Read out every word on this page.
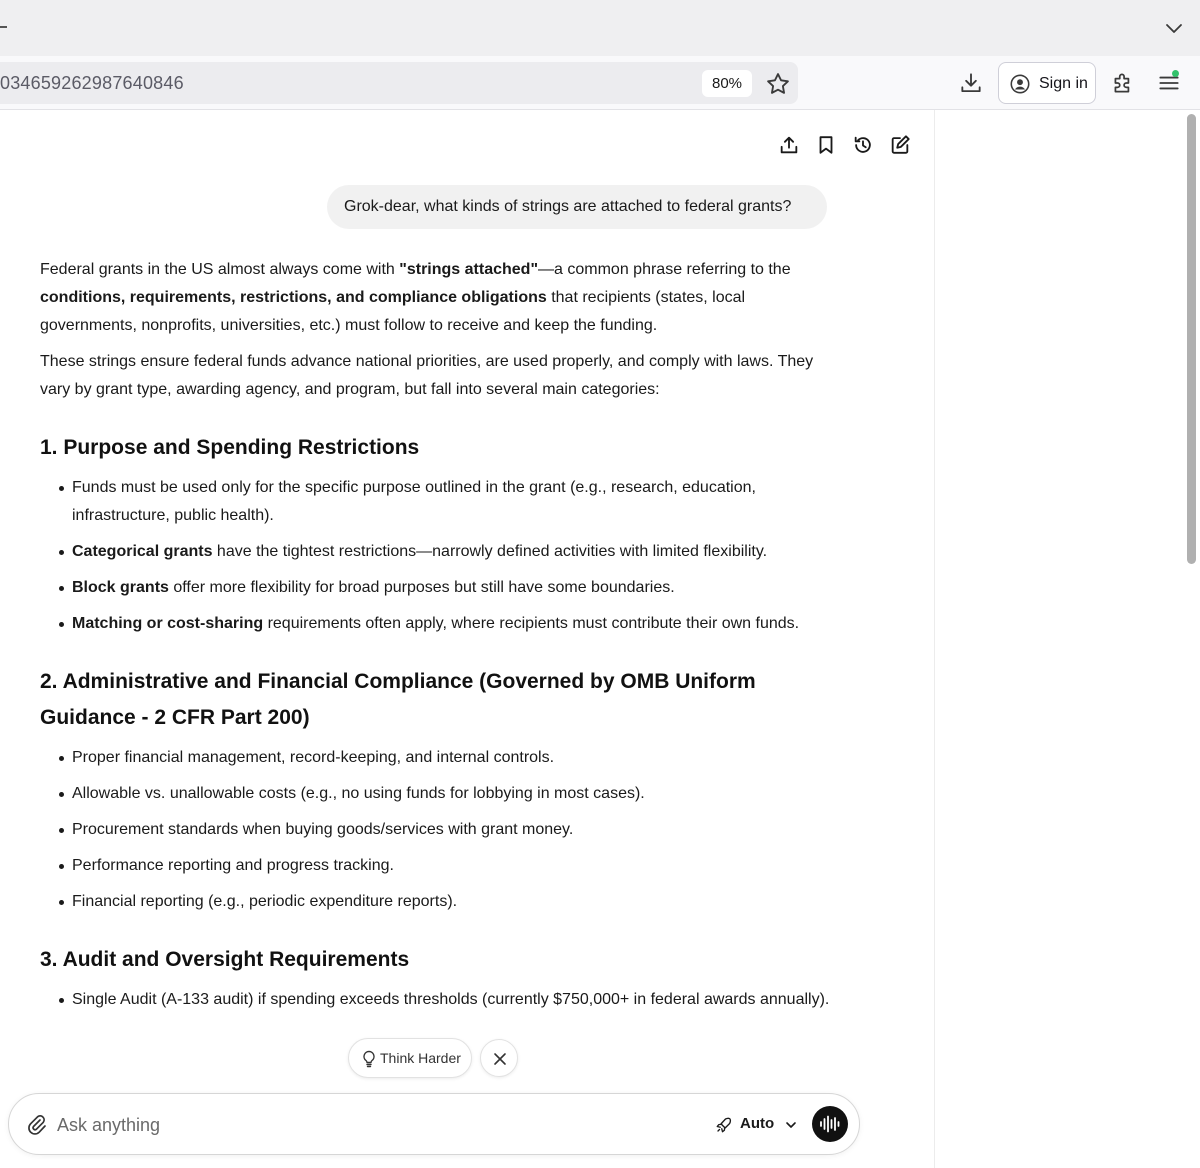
034659262987640846	80%	Sign in
Grok-dear, what kinds of strings are attached to federal grants?

Federal grants in the US almost always come with "strings attached"—a common phrase referring to the conditions, requirements, restrictions, and compliance obligations that recipients (states, local governments, nonprofits, universities, etc.) must follow to receive and keep the funding.

These strings ensure federal funds advance national priorities, are used properly, and comply with laws. They vary by grant type, awarding agency, and program, but fall into several main categories:

1. Purpose and Spending Restrictions
Funds must be used only for the specific purpose outlined in the grant (e.g., research, education, infrastructure, public health).
Categorical grants have the tightest restrictions—narrowly defined activities with limited flexibility.
Block grants offer more flexibility for broad purposes but still have some boundaries.
Matching or cost-sharing requirements often apply, where recipients must contribute their own funds.
2. Administrative and Financial Compliance (Governed by OMB Uniform Guidance - 2 CFR Part 200)
Proper financial management, record-keeping, and internal controls.
Allowable vs. unallowable costs (e.g., no using funds for lobbying in most cases).
Procurement standards when buying goods/services with grant money.
Performance reporting and progress tracking.
Financial reporting (e.g., periodic expenditure reports).
3. Audit and Oversight Requirements
Single Audit (A-133 audit) if spending exceeds thresholds (currently $750,000+ in federal awards annually).
Think Harder
Ask anything
Auto
